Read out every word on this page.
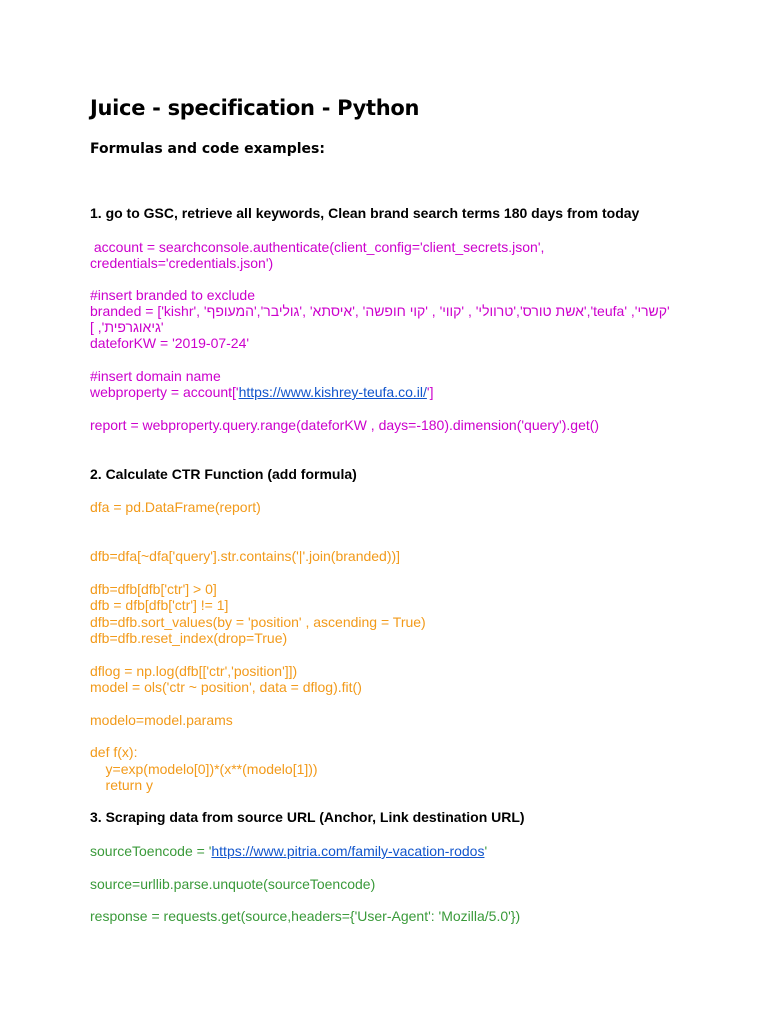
Juice - specification - Python
Formulas and code examples:

1. go to GSC, retrieve all keywords, Clean brand search terms 180 days from today

account = searchconsole.authenticate(client_config='client_secrets.json',

credentials='credentials.json')

#insert branded to exclude

branded = ['קשרי', 'teufa','אשת טורס','טרוולי' , 'קווי' , 'קוי חופשה' ,'איסתא' ,'גוליבר','המעופף' ,'kishr'

'גיאוגרפית', ]

dateforKW = '2019-07-24'

#insert domain name

webproperty = account['https://www.kishrey-teufa.co.il/']

report = webproperty.query.range(dateforKW , days=-180).dimension('query').get()

2. Calculate CTR Function (add formula)

dfa = pd.DataFrame(report)

dfb=dfa[~dfa['query'].str.contains('|'.join(branded))]

dfb=dfb[dfb['ctr'] > 0]

dfb = dfb[dfb['ctr'] != 1]

dfb=dfb.sort_values(by = 'position' , ascending = True)

dfb=dfb.reset_index(drop=True)

dflog = np.log(dfb[['ctr','position']])

model = ols('ctr ~ position', data = dflog).fit()

modelo=model.params

def f(x):

y=exp(modelo[0])*(x**(modelo[1]))

return y

3. Scraping data from source URL (Anchor, Link destination URL)

sourceToencode = 'https://www.pitria.com/family-vacation-rodos'

source=urllib.parse.unquote(sourceToencode)

response = requests.get(source,headers={'User-Agent': 'Mozilla/5.0'})
